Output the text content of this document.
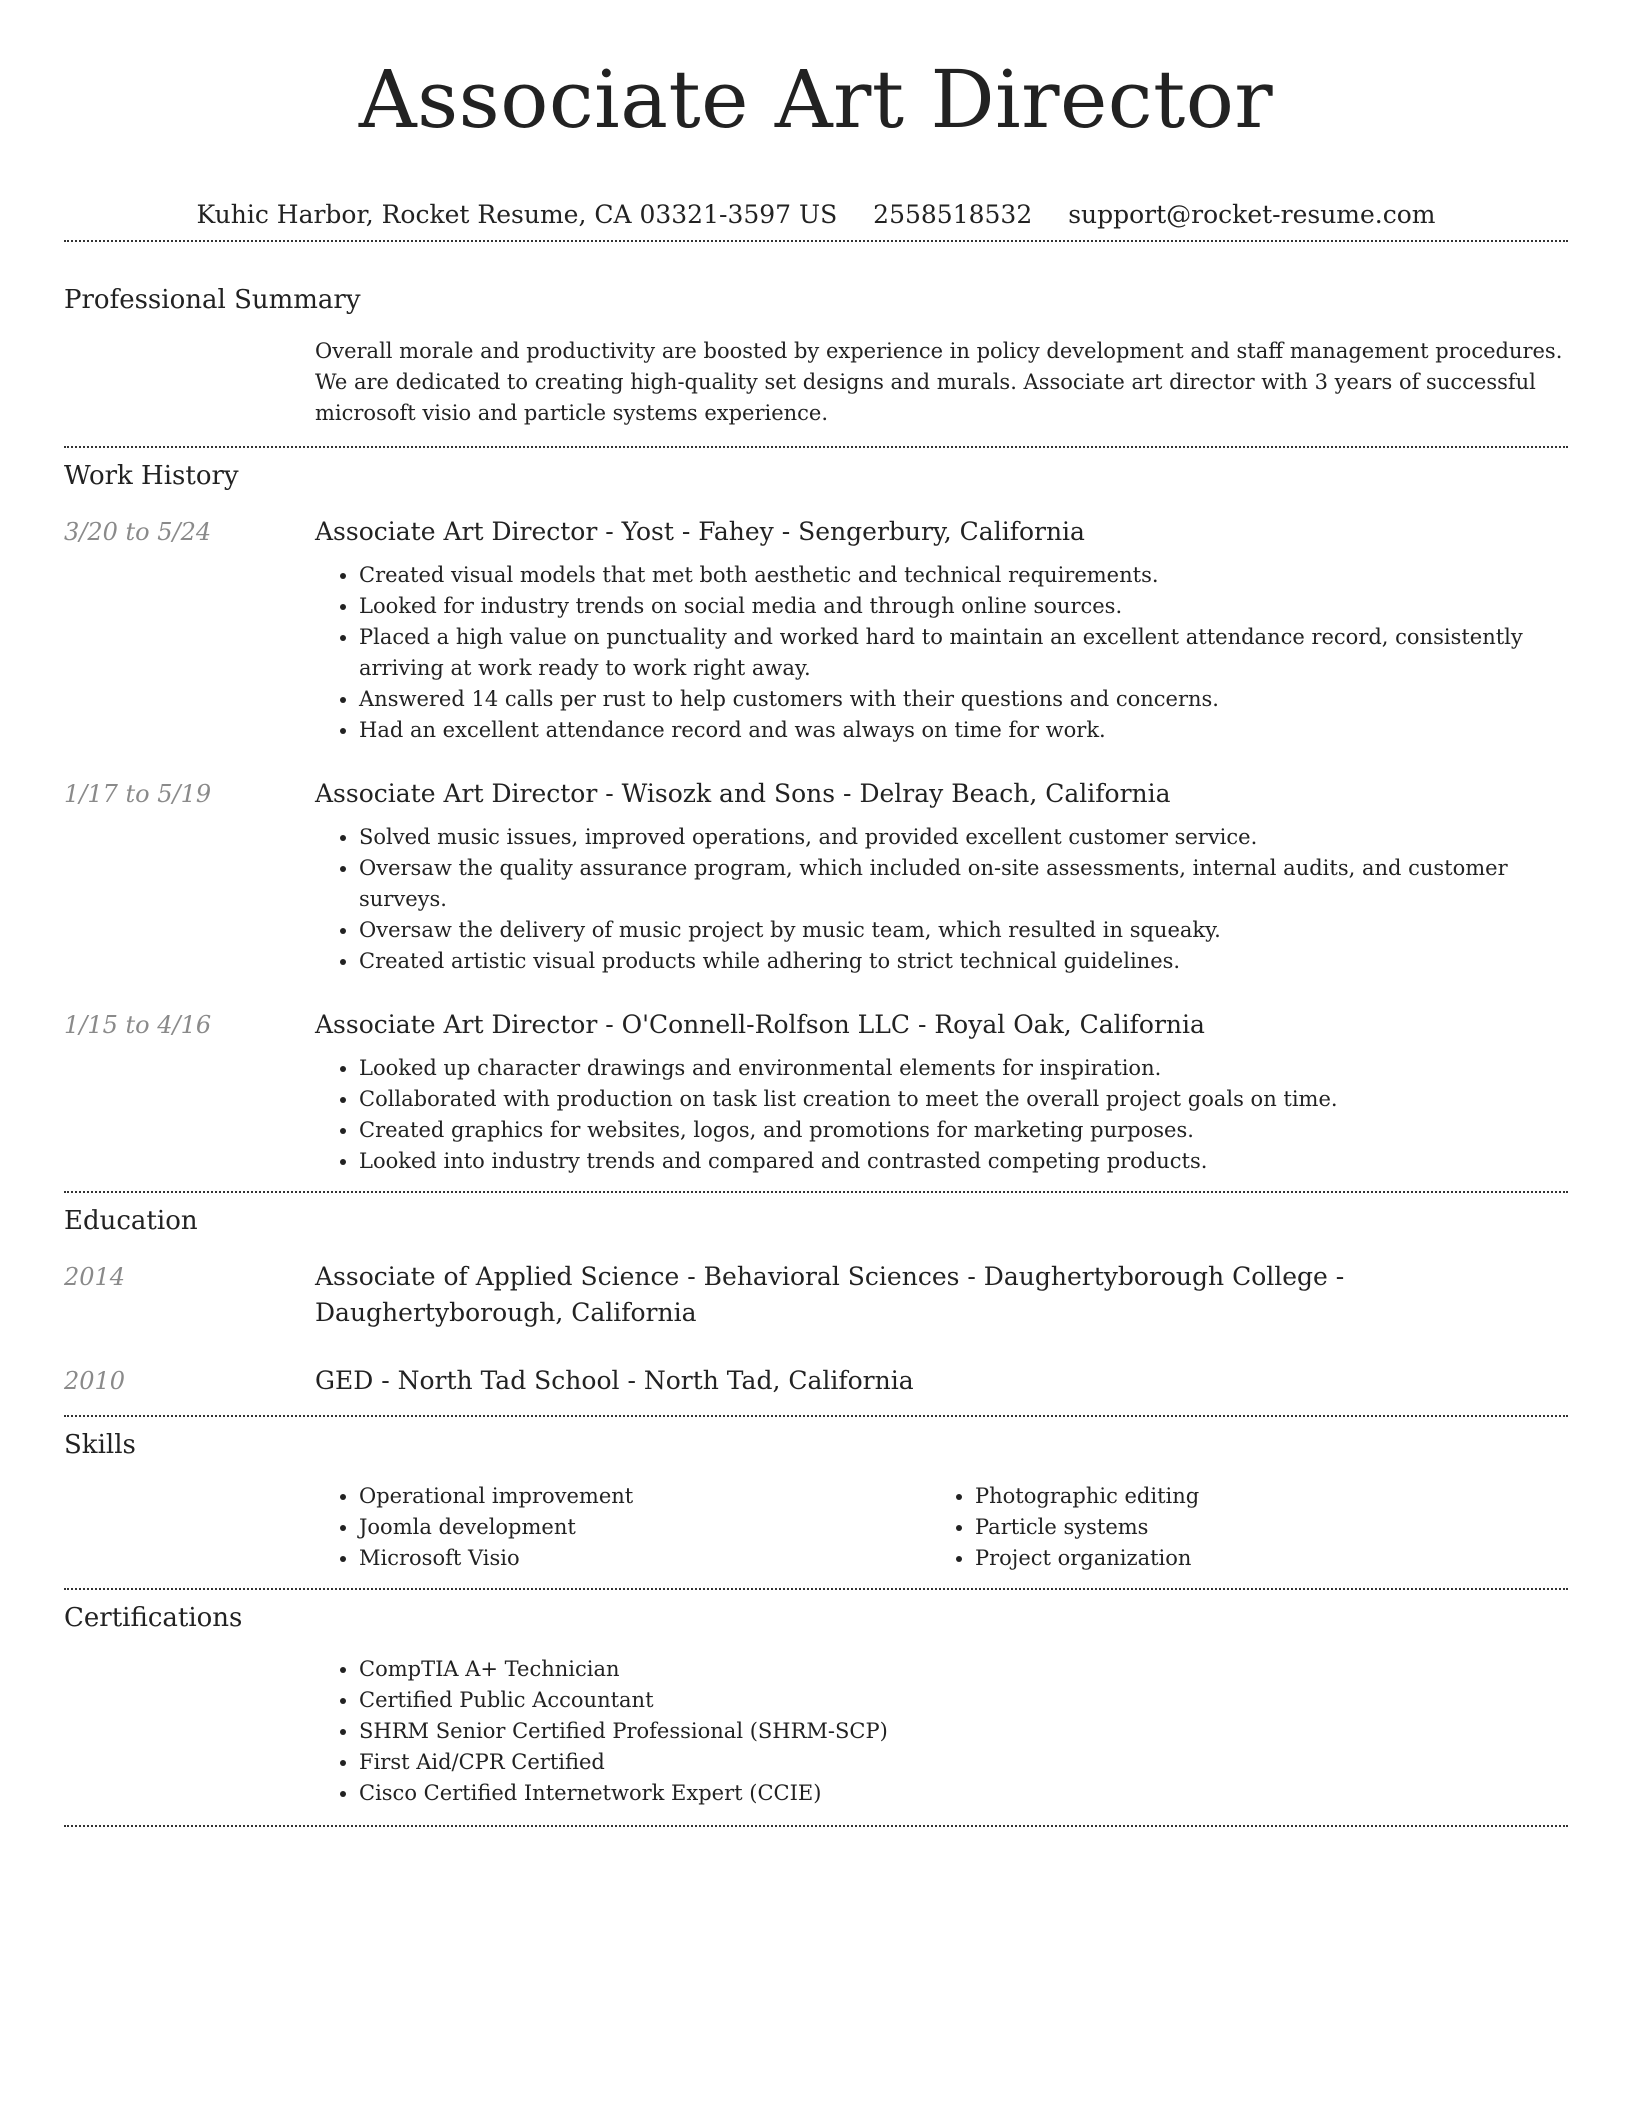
Associate Art Director
Kuhic Harbor, Rocket Resume, CA 03321-3597 US 2558518532 support@rocket-resume.com
Professional Summary

Overall morale and productivity are boosted by experience in policy development and staff management procedures. We are dedicated to creating high-quality set designs and murals. Associate art director with 3 years of successful microsoft visio and particle systems experience.

Work History
3/20 to 5/24	Associate Art Director - Yost - Fahey - Sengerbury, California
• Created visual models that met both aesthetic and technical requirements.
• Looked for industry trends on social media and through online sources.
• Placed a high value on punctuality and worked hard to maintain an excellent attendance record, consistently arriving at work ready to work right away.
• Answered 14 calls per rust to help customers with their questions and concerns.
• Had an excellent attendance record and was always on time for work.
1/17 to 5/19	Associate Art Director - Wisozk and Sons - Delray Beach, California
• Solved music issues, improved operations, and provided excellent customer service.
• Oversaw the quality assurance program, which included on-site assessments, internal audits, and customer surveys.
• Oversaw the delivery of music project by music team, which resulted in squeaky.
• Created artistic visual products while adhering to strict technical guidelines.
1/15 to 4/16	Associate Art Director - O'Connell-Rolfson LLC - Royal Oak, California
• Looked up character drawings and environmental elements for inspiration.
• Collaborated with production on task list creation to meet the overall project goals on time.
• Created graphics for websites, logos, and promotions for marketing purposes.
• Looked into industry trends and compared and contrasted competing products.
Education
2014	Associate of Applied Science - Behavioral Sciences - Daughertyborough College - Daughertyborough, California
2010	GED - North Tad School - North Tad, California
Skills
• Operational improvement
• Joomla development
• Microsoft Visio
• Photographic editing
• Particle systems
• Project organization
Certifications
• CompTIA A+ Technician
• Certified Public Accountant
• SHRM Senior Certified Professional (SHRM-SCP)
• First Aid/CPR Certified
• Cisco Certified Internetwork Expert (CCIE)
